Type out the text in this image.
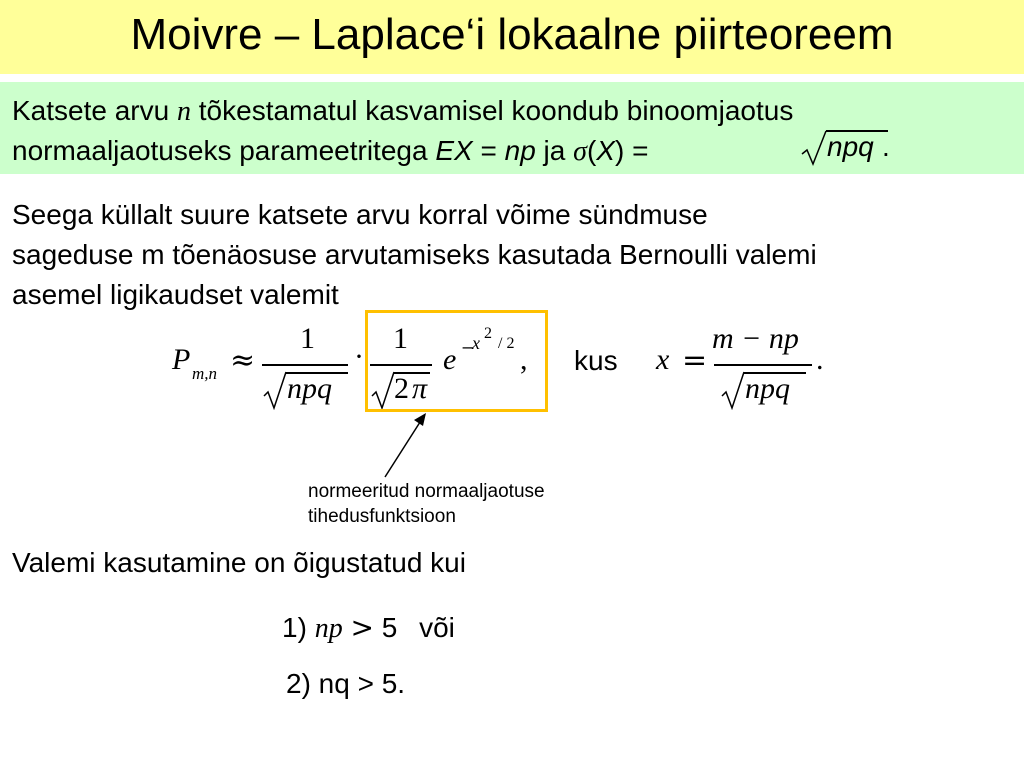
Moivre – Laplace‘i lokaalne piirteoreem
Katsete arvu n tõkestamatul kasvamisel koondub binoomjaotus
normaaljaotuseks parameetritega EX = np ja σ(X) =	npq .
Seega küllalt suure katsete arvu korral võime sündmuse
sageduse m tõenäosuse arvutamiseks kasutada Bernoulli valemi
asemel ligikaudset valemit
P m,n ≈
1
npq
·
1
2 π
e −
x 2
/ 2 , kus x =
m − np
npq
.
normeeritud normaaljaotuse
tihedusfunktsioon
Valemi kasutamine on õigustatud kui
1) np > 5 või
2) nq > 5.
